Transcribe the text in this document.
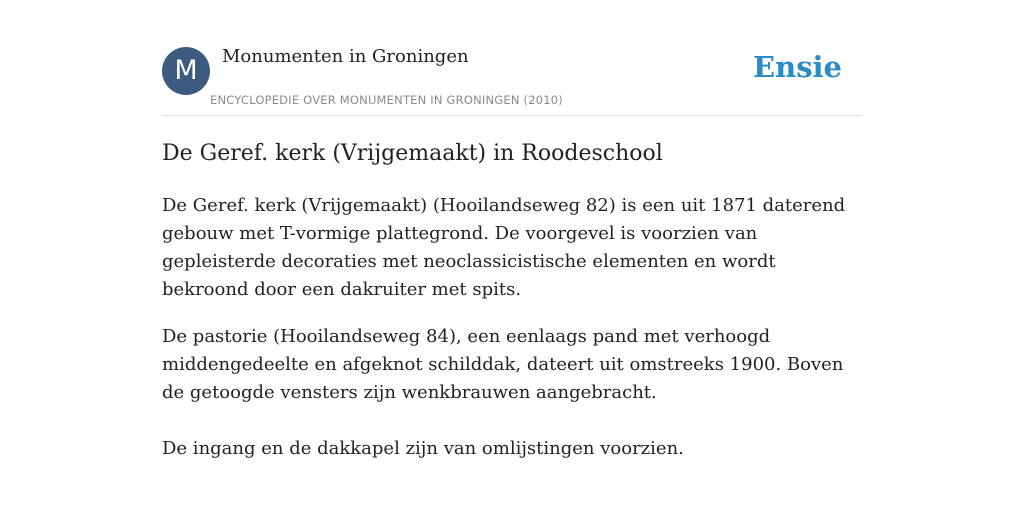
M	Monumenten in Groningen
ENCYCLOPEDIE OVER MONUMENTEN IN GRONINGEN (2010)
Ensie
De Geref. kerk (Vrijgemaakt) in Roodeschool

De Geref. kerk (Vrijgemaakt) (Hooilandseweg 82) is een uit 1871 daterend gebouw met T-vormige plattegrond. De voorgevel is voorzien van gepleisterde decoraties met neoclassicistische elementen en wordt bekroond door een dakruiter met spits.

De pastorie (Hooilandseweg 84), een eenlaags pand met verhoogd middengedeelte en afgeknot schilddak, dateert uit omstreeks 1900. Boven de getoogde vensters zijn wenkbrauwen aangebracht.

De ingang en de dakkapel zijn van omlijstingen voorzien.
